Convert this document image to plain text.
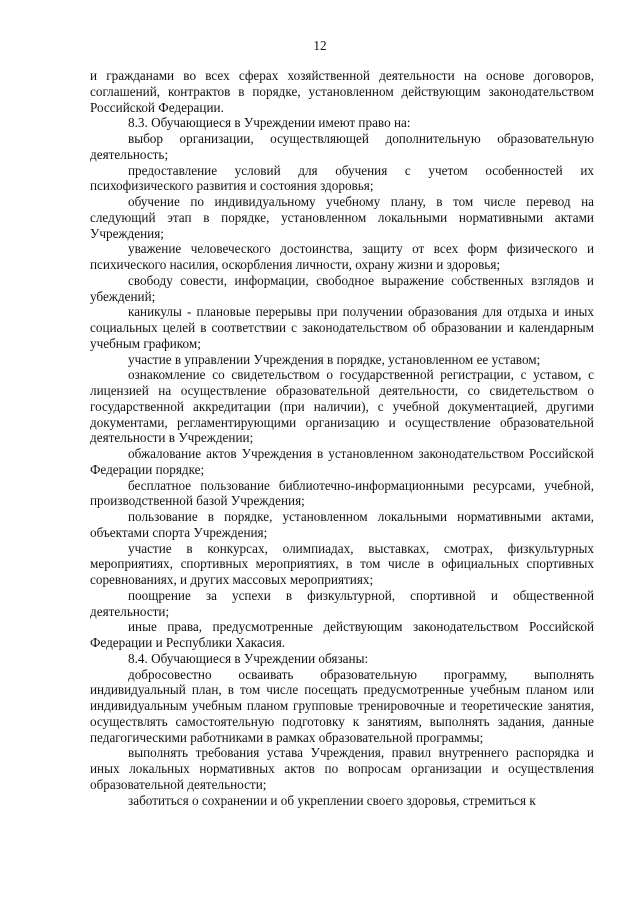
12

и гражданами во всех сферах хозяйственной деятельности на основе договоров, соглашений, контрактов в порядке, установленном действующим законодательством Российской Федерации.

8.3. Обучающиеся в Учреждении имеют право на:

выбор организации, осуществляющей дополнительную образовательную деятельность;

предоставление условий для обучения с учетом особенностей их психофизического развития и состояния здоровья;

обучение по индивидуальному учебному плану, в том числе перевод на следующий этап в порядке, установленном локальными нормативными актами Учреждения;

уважение человеческого достоинства, защиту от всех форм физического и психического насилия, оскорбления личности, охрану жизни и здоровья;

свободу совести, информации, свободное выражение собственных взглядов и убеждений;

каникулы - плановые перерывы при получении образования для отдыха и иных социальных целей в соответствии с законодательством об образовании и календарным учебным графиком;

участие в управлении Учреждения в порядке, установленном ее уставом;

ознакомление со свидетельством о государственной регистрации, с уставом, с лицензией на осуществление образовательной деятельности, со свидетельством о государственной аккредитации (при наличии), с учебной документацией, другими документами, регламентирующими организацию и осуществление образовательной деятельности в Учреждении;

обжалование актов Учреждения в установленном законодательством Российской Федерации порядке;

бесплатное пользование библиотечно-информационными ресурсами, учебной, производственной базой Учреждения;

пользование в порядке, установленном локальными нормативными актами, объектами спорта Учреждения;

участие в конкурсах, олимпиадах, выставках, смотрах, физкультурных мероприятиях, спортивных мероприятиях, в том числе в официальных спортивных соревнованиях, и других массовых мероприятиях;

поощрение за успехи в физкультурной, спортивной и общественной деятельности;

иные права, предусмотренные действующим законодательством Российской Федерации и Республики Хакасия.

8.4. Обучающиеся в Учреждении обязаны:

добросовестно осваивать образовательную программу, выполнять индивидуальный план, в том числе посещать предусмотренные учебным планом или индивидуальным учебным планом групповые тренировочные и теоретические занятия, осуществлять самостоятельную подготовку к занятиям, выполнять задания, данные педагогическими работниками в рамках образовательной программы;

выполнять требования устава Учреждения, правил внутреннего распорядка и иных локальных нормативных актов по вопросам организации и осуществления образовательной деятельности;

заботиться о сохранении и об укреплении своего здоровья, стремиться к
